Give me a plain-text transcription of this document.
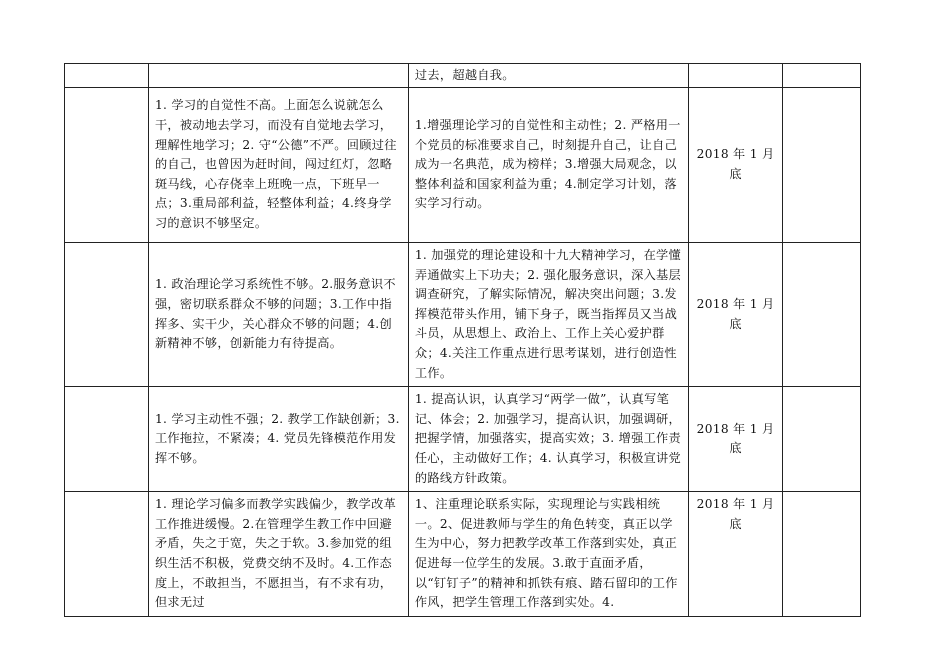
		过去，超越自我。		
	1. 学习的自觉性不高。上面怎么说就怎么干，被动地去学习，而没有自觉地去学习，理解性地学习；2. 守“公德”不严。回顾过往的自己，也曾因为赶时间，闯过红灯，忽略斑马线，心存侥幸上班晚一点，下班早一点；3.重局部利益，轻整体利益；4.终身学习的意识不够坚定。	1.增强理论学习的自觉性和主动性；2. 严格用一个党员的标准要求自己，时刻提升自己，让自己成为一名典范，成为榜样；3.增强大局观念，以整体利益和国家利益为重；4.制定学习计划，落实学习行动。	2018 年 1 月底	
	1. 政治理论学习系统性不够。2.服务意识不强，密切联系群众不够的问题；3.工作中指挥多、实干少，关心群众不够的问题；4.创新精神不够，创新能力有待提高。	1. 加强党的理论建设和十九大精神学习，在学懂弄通做实上下功夫；2. 强化服务意识，深入基层调查研究，了解实际情况，解决突出问题；3.发挥模范带头作用，铺下身子，既当指挥员又当战斗员，从思想上、政治上、工作上关心爱护群众；4.关注工作重点进行思考谋划，进行创造性工作。	2018 年 1 月底	
	1. 学习主动性不强；2. 教学工作缺创新；3. 工作拖拉，不紧凑；4. 党员先锋模范作用发挥不够。	1. 提高认识，认真学习“两学一做”，认真写笔记、体会；2. 加强学习，提高认识，加强调研，把握学情，加强落实，提高实效；3. 增强工作责任心，主动做好工作；4. 认真学习，积极宣讲党的路线方针政策。	2018 年 1 月底	
	1. 理论学习偏多而教学实践偏少，教学改革工作推进缓慢。2.在管理学生教工作中回避矛盾，失之于宽，失之于软。3.参加党的组织生活不积极，党费交纳不及时。4.工作态度上，不敢担当，不愿担当，有不求有功，但求无过	1、注重理论联系实际，实现理论与实践相统一。2、促进教师与学生的角色转变，真正以学生为中心，努力把教学改革工作落到实处，真正促进每一位学生的发展。3.敢于直面矛盾，以“钉钉子”的精神和抓铁有痕、踏石留印的工作作风，把学生管理工作落到实处。4.	2018 年 1 月底	
